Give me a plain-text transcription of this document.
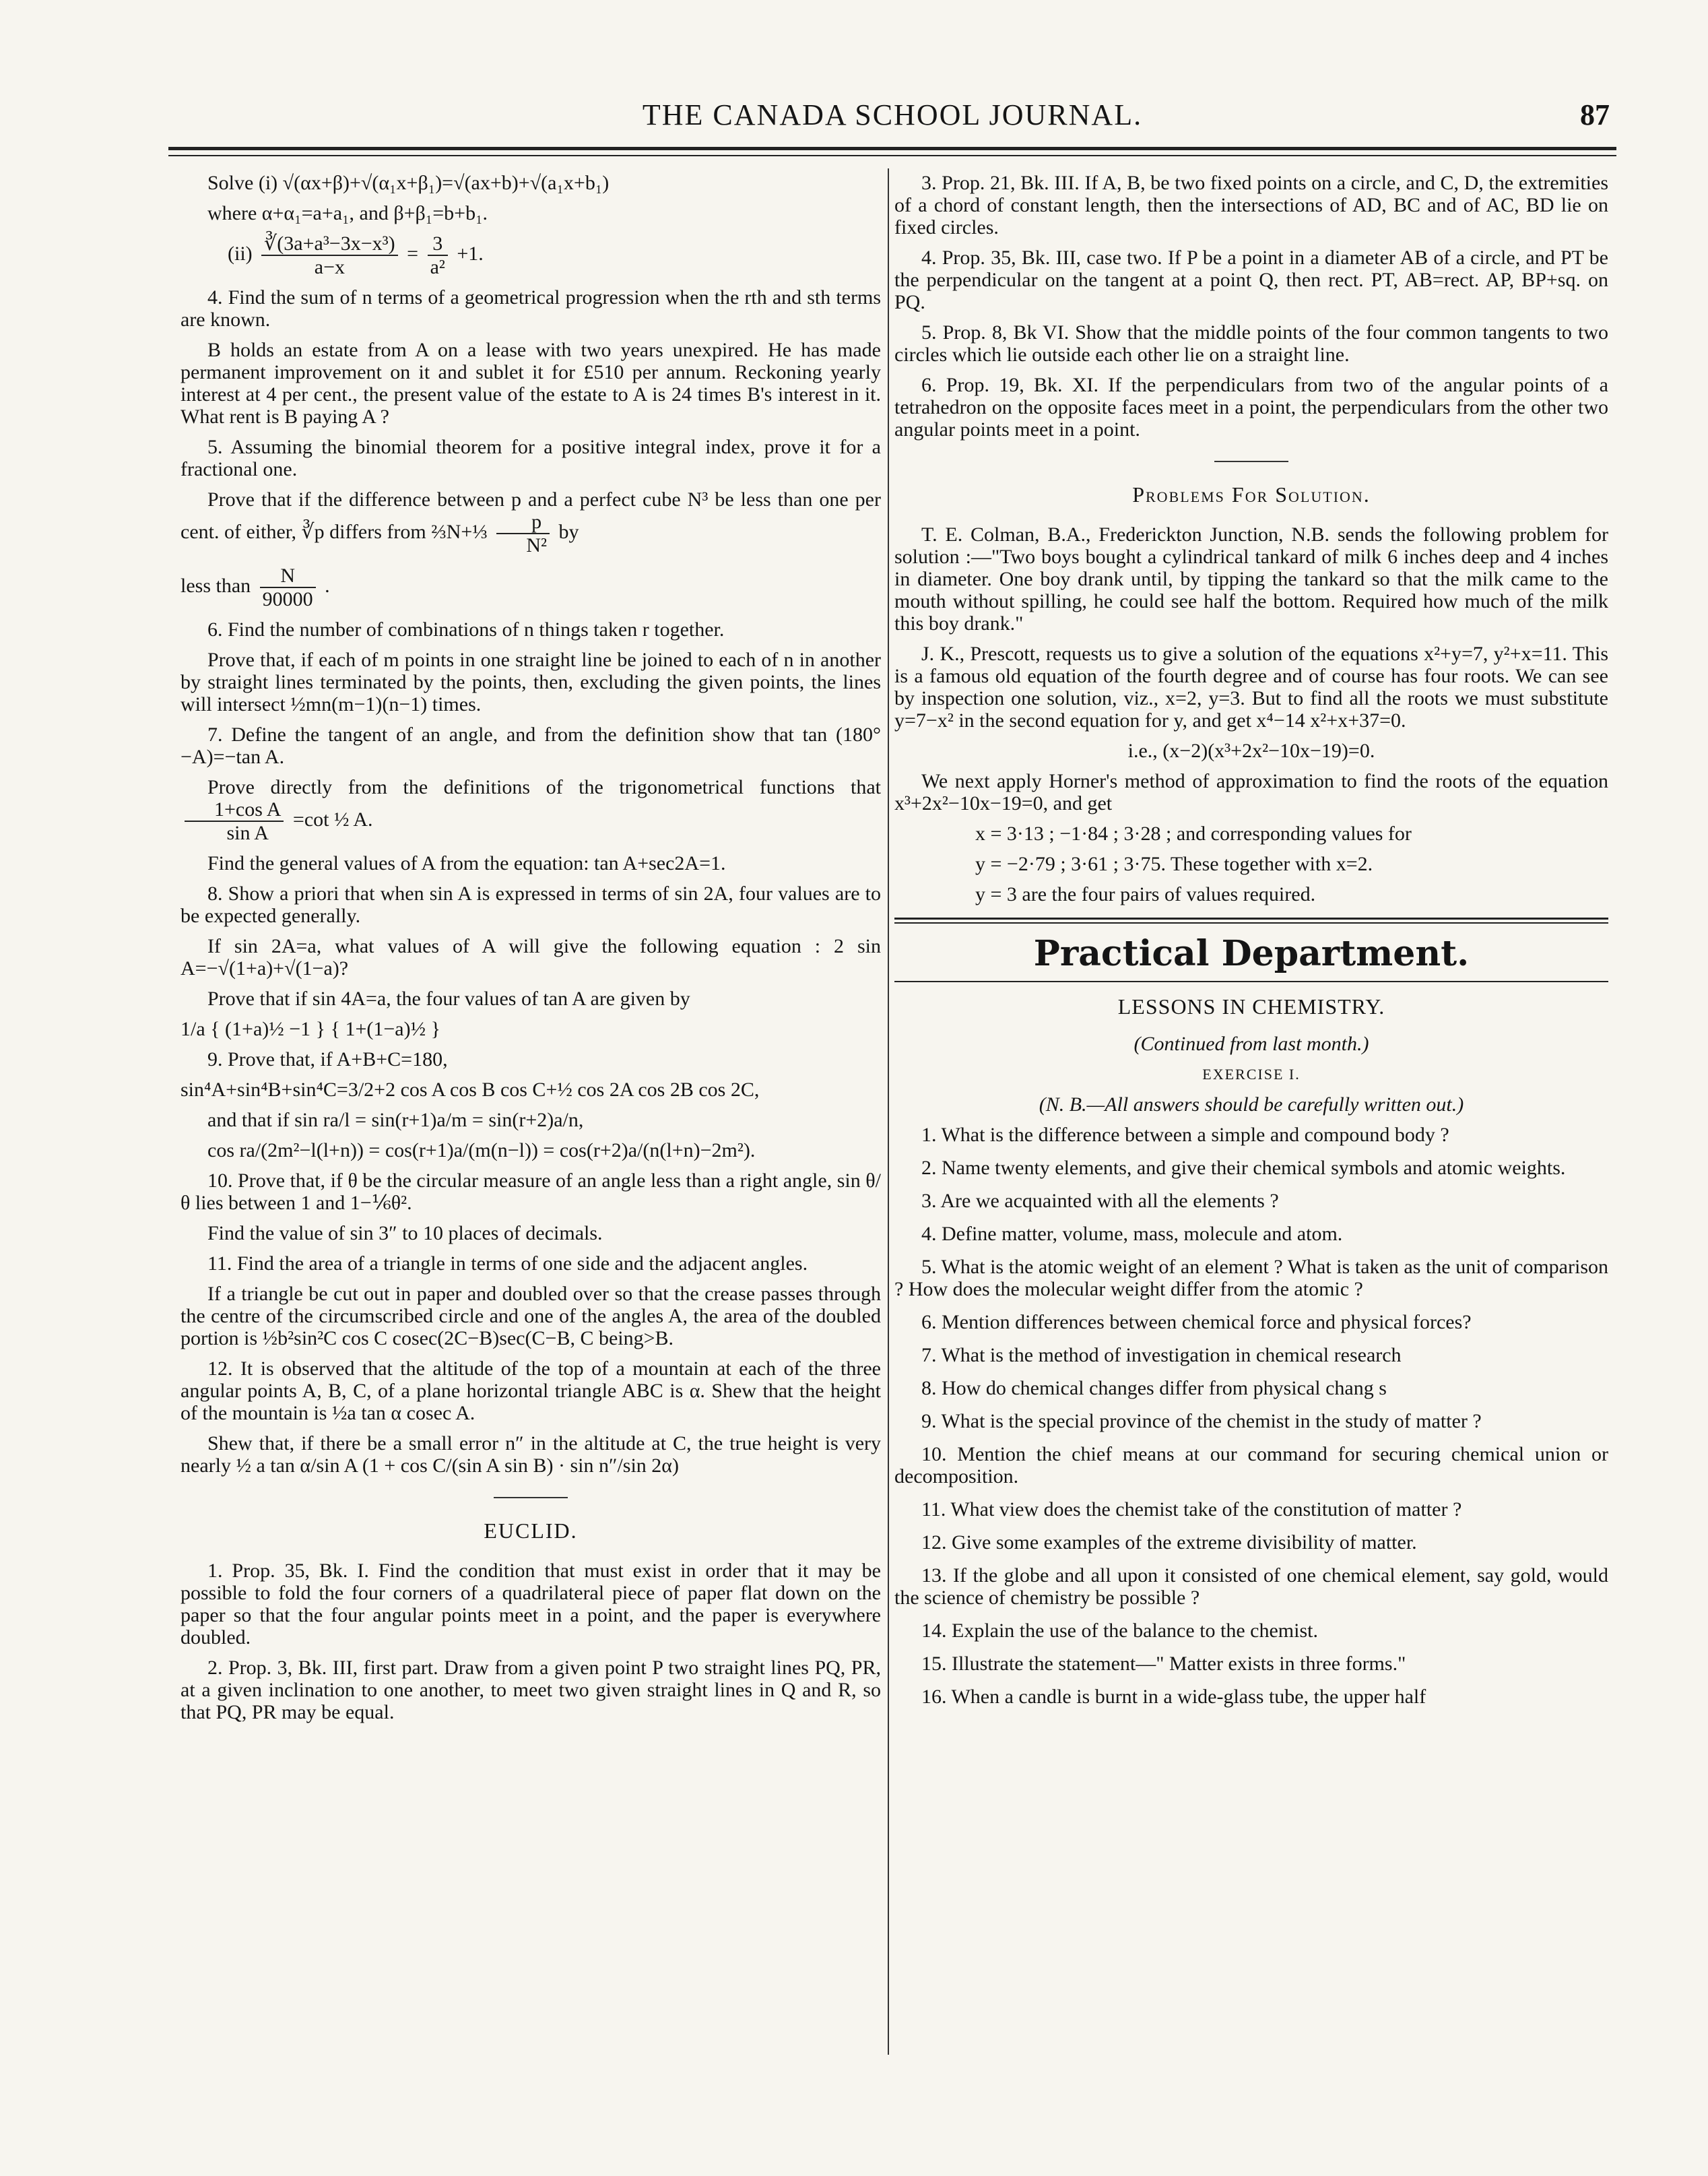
THE CANADA SCHOOL JOURNAL.	87

Solve (i) √(αx+β)+√(α₁x+β₁)=√(ax+b)+√(a₁x+b₁)

where α+α₁=a+a₁, and β+β₁=b+b₁.

$(ii) \frac{\text{∛(3a+a³−3x−x³)}}{a-x} = \frac{3}{\text{a²}} +1$.

4. Find the sum of n terms of a geometrical progression when the rth and sth terms are known.

B holds an estate from A on a lease with two years unexpired. He has made permanent improvement on it and sublet it for £510 per annum. Reckoning yearly interest at 4 per cent., the present value of the estate to A is 24 times B's interest in it. What rent is B paying A ?

5. Assuming the binomial theorem for a positive integral index, prove it for a fractional one.

Prove that if the difference between p and a perfect cube N³ be less than one per cent. of either, ∛p differs from ⅔N+⅓ $\frac{p}{\text{N²}}$ by

less than $\frac{N}{90000}$ .

6. Find the number of combinations of n things taken r together.

Prove that, if each of m points in one straight line be joined to each of n in another by straight lines terminated by the points, then, excluding the given points, the lines will intersect ½mn(m−1)(n−1) times.

7. Define the tangent of an angle, and from the definition show that tan (180°−A)=−tan A.

Prove directly from the definitions of the trigonometrical functions that
$\frac{\text{1+cos A}}{\text{sin A}} =\cot$ ½ A.

Find the general values of A from the equation: tan A+sec2A=1.

8. Show a priori that when sin A is expressed in terms of sin 2A, four values are to be expected generally.

If sin 2A=a, what values of A will give the following equation : 2 sin A=−√(1+a)+√(1−a)?

Prove that if sin 4A=a, the four values of tan A are given by

1/a { (1+a)½ −1 } { 1+(1−a)½ }

9. Prove that, if A+B+C=180,

sin⁴A+sin⁴B+sin⁴C=3/2+2 cos A cos B cos C+½ cos 2A cos 2B cos 2C,

and that if sin ra/l = sin(r+1)a/m = sin(r+2)a/n,

cos ra/(2m²−l(l+n)) = cos(r+1)a/(m(n−l)) = cos(r+2)a/(n(l+n)−2m²).

10. Prove that, if θ be the circular measure of an angle less than a right angle, sin θ/θ lies between 1 and 1−⅙θ².

Find the value of sin 3″ to 10 places of decimals.

11. Find the area of a triangle in terms of one side and the adjacent angles.

If a triangle be cut out in paper and doubled over so that the crease passes through the centre of the circumscribed circle and one of the angles A, the area of the doubled portion is ½b²sin²C cos C cosec(2C−B)sec(C−B, C being>B.

12. It is observed that the altitude of the top of a mountain at each of the three angular points A, B, C, of a plane horizontal triangle ABC is α. Shew that the height of the mountain is ½a tan α cosec A.

Shew that, if there be a small error n″ in the altitude at C, the true height is very nearly ½ a tan α/sin A (1 + cos C/(sin A sin B) · sin n″/sin 2α)

EUCLID.

1. Prop. 35, Bk. I. Find the condition that must exist in order that it may be possible to fold the four corners of a quadrilateral piece of paper flat down on the paper so that the four angular points meet in a point, and the paper is everywhere doubled.

2. Prop. 3, Bk. III, first part. Draw from a given point P two straight lines PQ, PR, at a given inclination to one another, to meet two given straight lines in Q and R, so that PQ, PR may be equal.

3. Prop. 21, Bk. III. If A, B, be two fixed points on a circle, and C, D, the extremities of a chord of constant length, then the intersections of AD, BC and of AC, BD lie on fixed circles.

4. Prop. 35, Bk. III, case two. If P be a point in a diameter AB of a circle, and PT be the perpendicular on the tangent at a point Q, then rect. PT, AB=rect. AP, BP+sq. on PQ.

5. Prop. 8, Bk VI. Show that the middle points of the four common tangents to two circles which lie outside each other lie on a straight line.

6. Prop. 19, Bk. XI. If the perpendiculars from two of the angular points of a tetrahedron on the opposite faces meet in a point, the perpendiculars from the other two angular points meet in a point.

Problems For Solution.

T. E. Colman, B.A., Frederickton Junction, N.B. sends the following problem for solution :—"Two boys bought a cylindrical tankard of milk 6 inches deep and 4 inches in diameter. One boy drank until, by tipping the tankard so that the milk came to the mouth without spilling, he could see half the bottom. Required how much of the milk this boy drank."

J. K., Prescott, requests us to give a solution of the equations x²+y=7, y²+x=11. This is a famous old equation of the fourth degree and of course has four roots. We can see by inspection one solution, viz., x=2, y=3. But to find all the roots we must substitute y=7−x² in the second equation for y, and get x⁴−14 x²+x+37=0.

i.e., (x−2)(x³+2x²−10x−19)=0.

We next apply Horner's method of approximation to find the roots of the equation x³+2x²−10x−19=0, and get

x = 3·13 ; −1·84 ; 3·28 ; and corresponding values for

y = −2·79 ; 3·61 ; 3·75. These together with x=2.

y = 3 are the four pairs of values required.

Practical Department.
LESSONS IN CHEMISTRY.

(Continued from last month.)

EXERCISE I.

(N. B.—All answers should be carefully written out.)

1. What is the difference between a simple and compound body ?

2. Name twenty elements, and give their chemical symbols and atomic weights.

3. Are we acquainted with all the elements ?

4. Define matter, volume, mass, molecule and atom.

5. What is the atomic weight of an element ? What is taken as the unit of comparison ? How does the molecular weight differ from the atomic ?

6. Mention differences between chemical force and physical forces?

7. What is the method of investigation in chemical research

8. How do chemical changes differ from physical chang s

9. What is the special province of the chemist in the study of matter ?

10. Mention the chief means at our command for securing chemical union or decomposition.

11. What view does the chemist take of the constitution of matter ?

12. Give some examples of the extreme divisibility of matter.

13. If the globe and all upon it consisted of one chemical element, say gold, would the science of chemistry be possible ?

14. Explain the use of the balance to the chemist.

15. Illustrate the statement—" Matter exists in three forms."

16. When a candle is burnt in a wide-glass tube, the upper half
